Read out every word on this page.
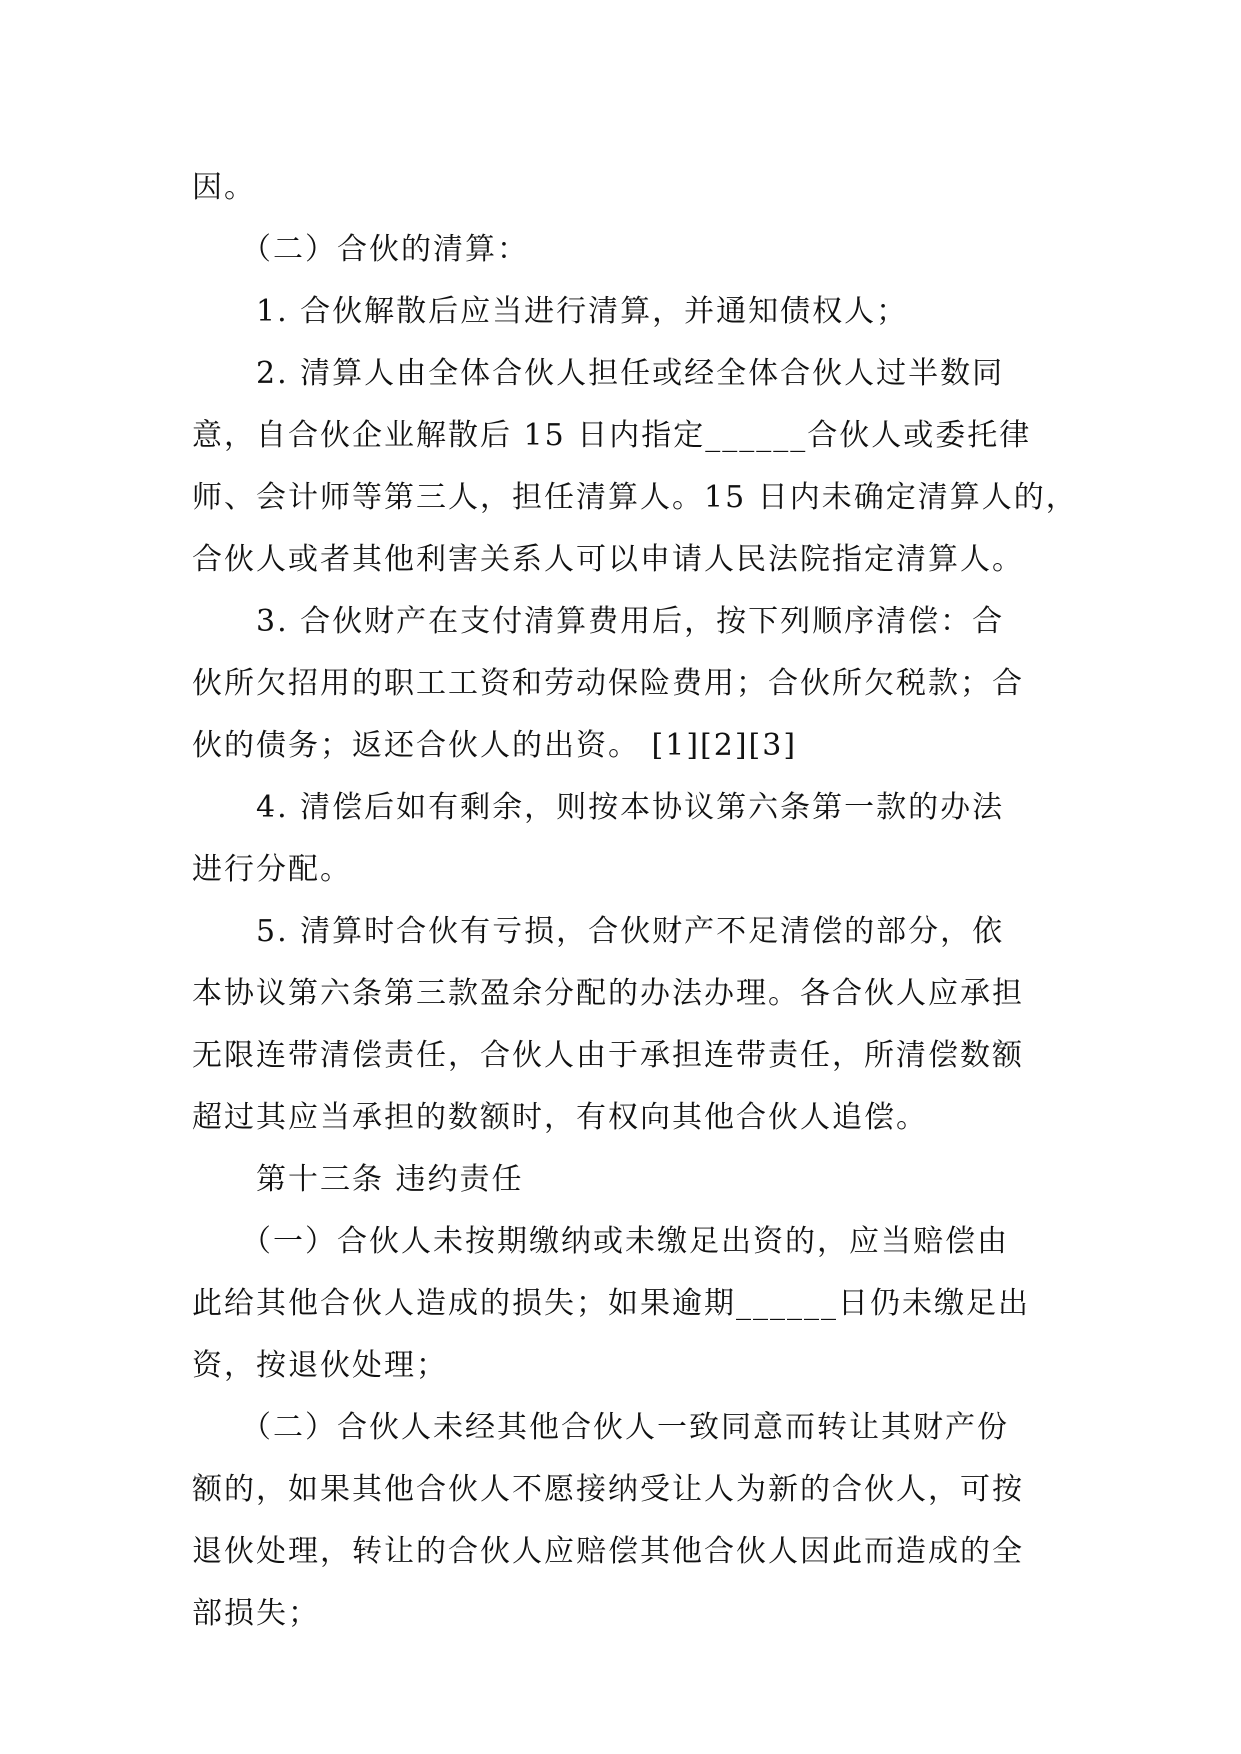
因。
　　（二）合伙的清算：
　　1. 合伙解散后应当进行清算，并通知债权人；
　　2. 清算人由全体合伙人担任或经全体合伙人过半数同
意，自合伙企业解散后 15 日内指定______合伙人或委托律
师、会计师等第三人，担任清算人。15 日内未确定清算人的，
合伙人或者其他利害关系人可以申请人民法院指定清算人。
　　3. 合伙财产在支付清算费用后，按下列顺序清偿：合
伙所欠招用的职工工资和劳动保险费用；合伙所欠税款；合
伙的债务；返还合伙人的出资。 [1][2][3]
　　4. 清偿后如有剩余，则按本协议第六条第一款的办法
进行分配。
　　5. 清算时合伙有亏损，合伙财产不足清偿的部分，依
本协议第六条第三款盈余分配的办法办理。各合伙人应承担
无限连带清偿责任，合伙人由于承担连带责任，所清偿数额
超过其应当承担的数额时，有权向其他合伙人追偿。
　　第十三条 违约责任
　　（一）合伙人未按期缴纳或未缴足出资的，应当赔偿由
此给其他合伙人造成的损失；如果逾期______日仍未缴足出
资，按退伙处理；
　　（二）合伙人未经其他合伙人一致同意而转让其财产份
额的，如果其他合伙人不愿接纳受让人为新的合伙人，可按
退伙处理，转让的合伙人应赔偿其他合伙人因此而造成的全
部损失；
